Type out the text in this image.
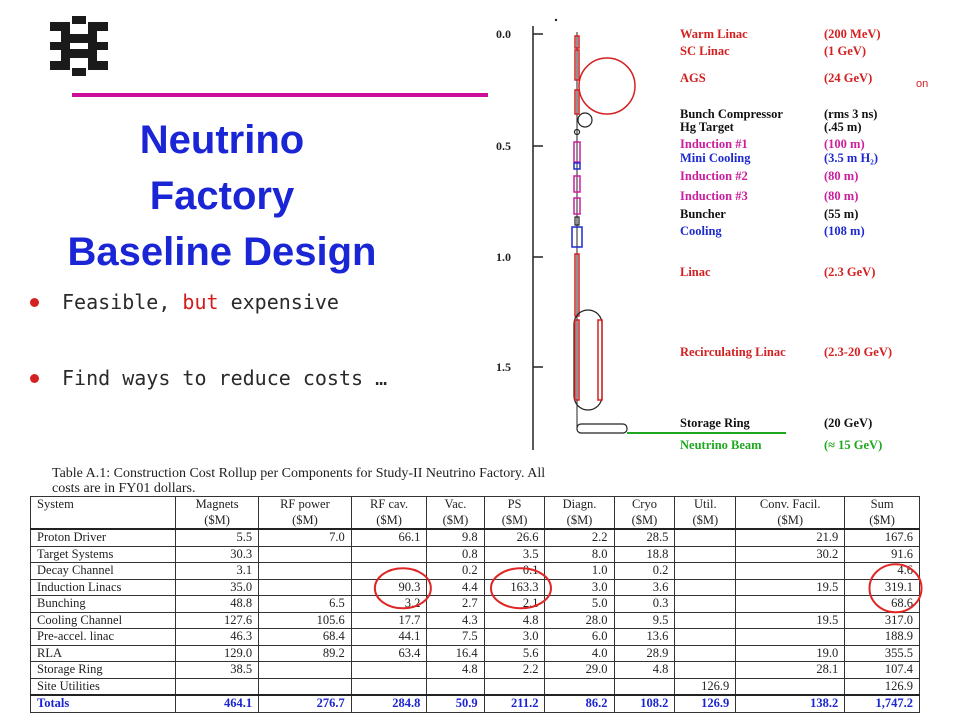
Neutrino
Factory
Baseline Design
Feasible, but expensive
Find ways to reduce costs …
0.0
0.5
1.0
1.5
Warm Linac	(200 MeV)
SC Linac	(1 GeV)
AGS	(24 GeV)
Bunch Compressor	(rms 3 ns)
Hg Target	(.45 m)
Induction #1	(100 m)
Mini Cooling	(3.5 m H₂)
Induction #2	(80 m)
Induction #3	(80 m)
Buncher	(55 m)
Cooling	(108 m)
Linac	(2.3 GeV)
Recirculating Linac	(2.3-20 GeV)
Storage Ring	(20 GeV)
Neutrino Beam	(≈ 15 GeV)
on
Table A.1: Construction Cost Rollup per Components for Study-II Neutrino Factory. All
costs are in FY01 dollars.
System	Magnets	RF power	RF cav.	Vac.	PS	Diagn.	Cryo	Util.	Conv. Facil.	Sum
	($M)	($M)	($M)	($M)	($M)	($M)	($M)	($M)	($M)	($M)
Proton Driver	5.5	7.0	66.1	9.8	26.6	2.2	28.5		21.9	167.6
Target Systems	30.3			0.8	3.5	8.0	18.8		30.2	91.6
Decay Channel	3.1			0.2	0.1	1.0	0.2			4.6
Induction Linacs	35.0		90.3	4.4	163.3	3.0	3.6		19.5	319.1
Bunching	48.8	6.5	3.2	2.7	2.1	5.0	0.3			68.6
Cooling Channel	127.6	105.6	17.7	4.3	4.8	28.0	9.5		19.5	317.0
Pre-accel. linac	46.3	68.4	44.1	7.5	3.0	6.0	13.6			188.9
RLA	129.0	89.2	63.4	16.4	5.6	4.0	28.9		19.0	355.5
Storage Ring	38.5			4.8	2.2	29.0	4.8		28.1	107.4
Site Utilities								126.9		126.9
Totals	464.1	276.7	284.8	50.9	211.2	86.2	108.2	126.9	138.2	1,747.2
